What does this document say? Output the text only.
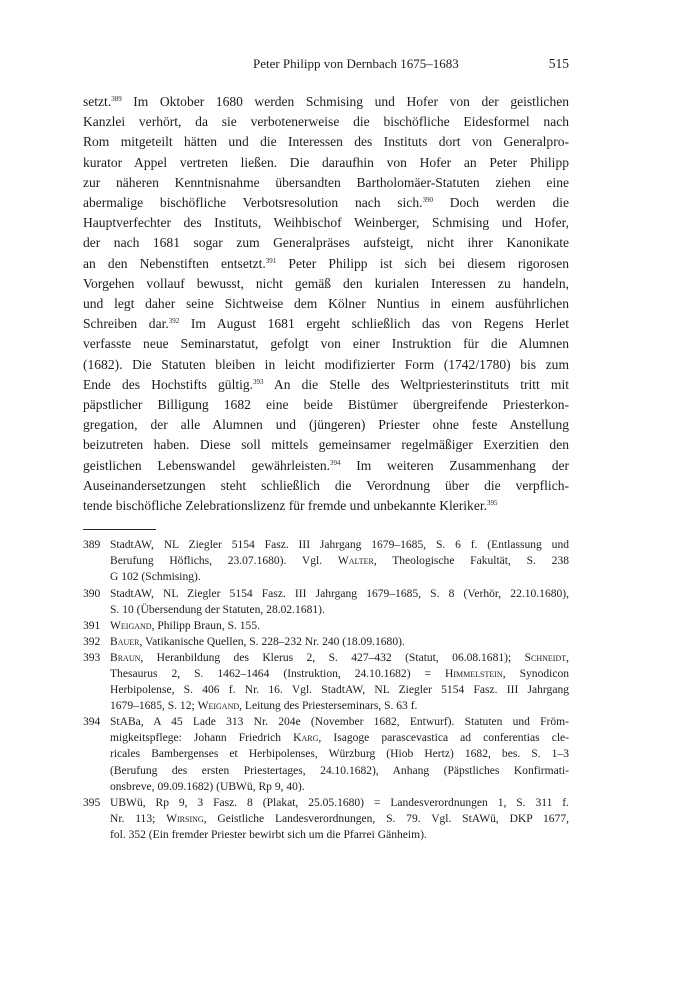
Peter Philipp von Dernbach 1675–1683	515
setzt.$^{389}$ Im Oktober 1680 werden Schmising und Hofer von der geistlichen
Kanzlei verhört, da sie verbotenerweise die bischöfliche Eidesformel nach
Rom mitgeteilt hätten und die Interessen des Instituts dort von Generalpro-
kurator Appel vertreten ließen. Die daraufhin von Hofer an Peter Philipp
zur näheren Kenntnisnahme übersandten Bartholomäer-Statuten ziehen eine
abermalige bischöfliche Verbotsresolution nach sich.$^{390}$ Doch werden die
Hauptverfechter des Instituts, Weihbischof Weinberger, Schmising und Hofer,
der nach 1681 sogar zum Generalpräses aufsteigt, nicht ihrer Kanonikate
an den Nebenstiften entsetzt.$^{391}$ Peter Philipp ist sich bei diesem rigorosen
Vorgehen vollauf bewusst, nicht gemäß den kurialen Interessen zu handeln,
und legt daher seine Sichtweise dem Kölner Nuntius in einem ausführlichen
Schreiben dar.$^{392}$ Im August 1681 ergeht schließlich das von Regens Herlet
verfasste neue Seminarstatut, gefolgt von einer Instruktion für die Alumnen
(1682). Die Statuten bleiben in leicht modifizierter Form (1742/1780) bis zum
Ende des Hochstifts gültig.$^{393}$ An die Stelle des Weltpriesterinstituts tritt mit
päpstlicher Billigung 1682 eine beide Bistümer übergreifende Priesterkon-
gregation, der alle Alumnen und (jüngeren) Priester ohne feste Anstellung
beizutreten haben. Diese soll mittels gemeinsamer regelmäßiger Exerzitien den
geistlichen Lebenswandel gewährleisten.$^{394}$ Im weiteren Zusammenhang der
Auseinandersetzungen steht schließlich die Verordnung über die verpflich-
tende bischöfliche Zelebrationslizenz für fremde und unbekannte Kleriker.$^{395}$
389 StadtAW, NL Ziegler 5154 Fasz. III Jahrgang 1679–1685, S. 6 f. (Entlassung und
Berufung Höflichs, 23.07.1680). Vgl. Walter, Theologische Fakultät, S. 238
G 102 (Schmising).
390 StadtAW, NL Ziegler 5154 Fasz. III Jahrgang 1679–1685, S. 8 (Verhör, 22.10.1680),
S. 10 (Übersendung der Statuten, 28.02.1681).
391 Weigand, Philipp Braun, S. 155.
392 Bauer, Vatikanische Quellen, S. 228–232 Nr. 240 (18.09.1680).
393 Braun, Heranbildung des Klerus 2, S. 427–432 (Statut, 06.08.1681); Schneidt,
Thesaurus 2, S. 1462–1464 (Instruktion, 24.10.1682) = Himmelstein, Synodicon
Herbipolense, S. 406 f. Nr. 16. Vgl. StadtAW, NL Ziegler 5154 Fasz. III Jahrgang
1679–1685, S. 12; Weigand, Leitung des Priesterseminars, S. 63 f.
394 StABa, A 45 Lade 313 Nr. 204e (November 1682, Entwurf). Statuten und Fröm-
migkeitspflege: Johann Friedrich Karg, Isagoge parascevastica ad conferentias cle-
ricales Bambergenses et Herbipolenses, Würzburg (Hiob Hertz) 1682, bes. S. 1–3
(Berufung des ersten Priestertages, 24.10.1682), Anhang (Päpstliches Konfirmati-
onsbreve, 09.09.1682) (UBWü, Rp 9, 40).
395 UBWü, Rp 9, 3 Fasz. 8 (Plakat, 25.05.1680) = Landesverordnungen 1, S. 311 f.
Nr. 113; Wirsing, Geistliche Landesverordnungen, S. 79. Vgl. StAWü, DKP 1677,
fol. 352 (Ein fremder Priester bewirbt sich um die Pfarrei Gänheim).
